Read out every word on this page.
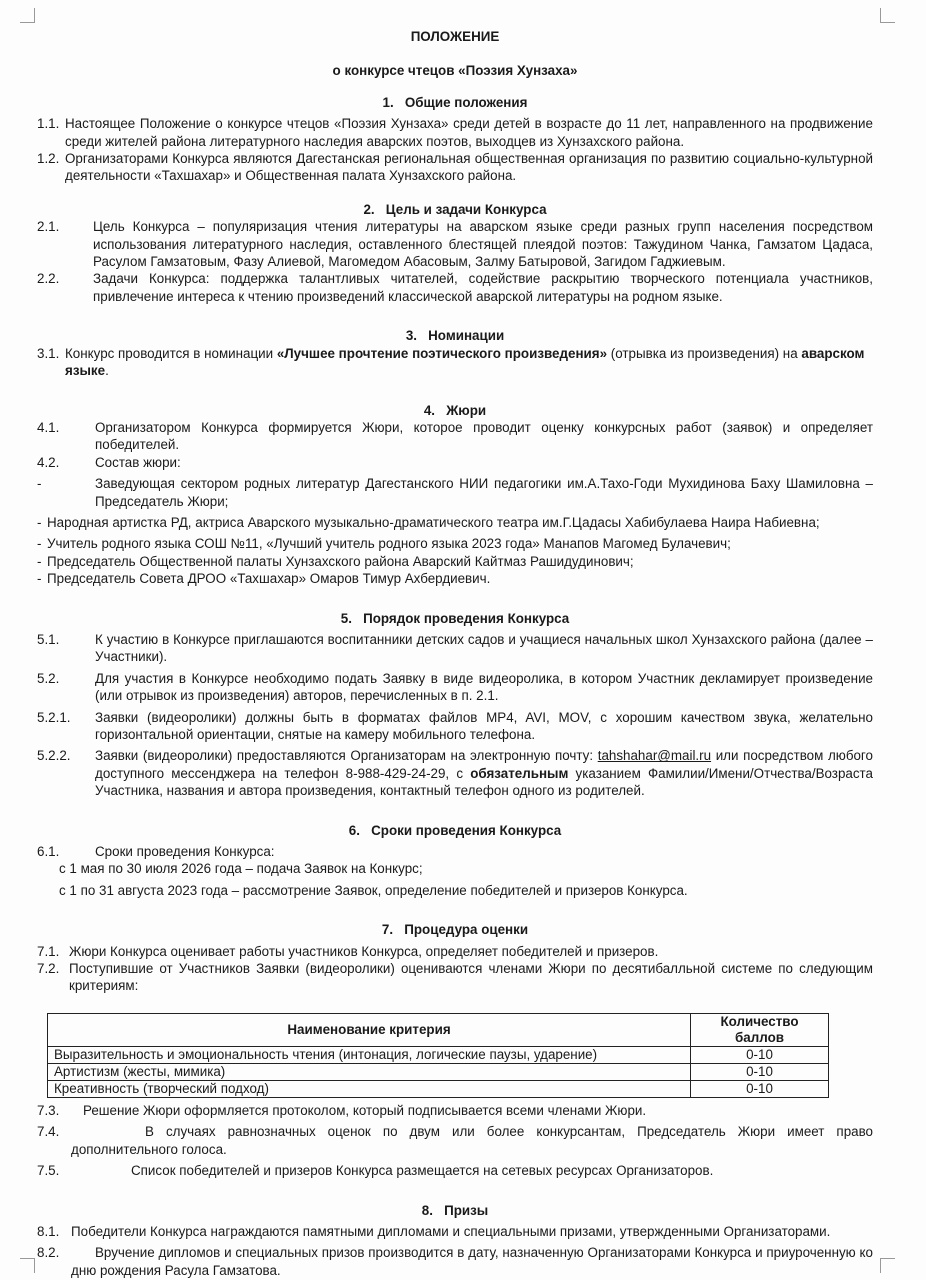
ПОЛОЖЕНИЕ
о конкурсе чтецов «Поэзия Хунзаха»
1.   Общие положения
1.1. Настоящее Положение о конкурсе чтецов «Поэзия Хунзаха» среди детей в возрасте до 11 лет, направленного на продвижение среди жителей района литературного наследия аварских поэтов, выходцев из Хунзахского района.
1.2. Организаторами Конкурса являются Дагестанская региональная общественная организация по развитию социально-культурной деятельности «Тахшахар» и Общественная палата Хунзахского района.
2.   Цель и задачи Конкурса
2.1.	Цель Конкурса – популяризация чтения литературы на аварском языке среди разных групп населения посредством использования литературного наследия, оставленного блестящей плеядой поэтов: Тажудином Чанка, Гамзатом Цадаса, Расулом Гамзатовым, Фазу Алиевой, Магомедом Абасовым, Залму Батыровой, Загидом Гаджиевым.
2.2.	Задачи Конкурса: поддержка талантливых читателей, содействие раскрытию творческого потенциала участников, привлечение интереса к чтению произведений классической аварской литературы на родном языке.
3.   Номинации
3.1. Конкурс проводится в номинации «Лучшее прочтение поэтического произведения» (отрывка из произведения) на аварском языке.
4.   Жюри
4.1.	Организатором Конкурса формируется Жюри, которое проводит оценку конкурсных работ (заявок) и определяет победителей.
4.2.	Состав жюри:
-	Заведующая сектором родных литератур Дагестанского НИИ педагогики им.А.Тахо-Годи Мухидинова Баху Шамиловна – Председатель Жюри;
- Народная артистка РД, актриса Аварского музыкально-драматического театра им.Г.Цадасы Хабибулаева Наира Набиевна;
- Учитель родного языка СОШ №11, «Лучший учитель родного языка 2023 года» Манапов Магомед Булачевич;
- Председатель Общественной палаты Хунзахского района Аварский Кайтмаз Рашидудинович;
- Председатель Совета ДРОО «Тахшахар» Омаров Тимур Ахбердиевич.
5.   Порядок проведения Конкурса
5.1.	К участию в Конкурсе приглашаются воспитанники детских садов и учащиеся начальных школ Хунзахского района (далее – Участники).
5.2.	Для участия в Конкурсе необходимо подать Заявку в виде видеоролика, в котором Участник декламирует произведение (или отрывок из произведения) авторов, перечисленных в п. 2.1.
5.2.1.	Заявки (видеоролики) должны быть в форматах файлов MP4, AVI, MOV, с хорошим качеством звука, желательно горизонтальной ориентации, снятые на камеру мобильного телефона.
5.2.2.	Заявки (видеоролики) предоставляются Организаторам на электронную почту: tahshahar@mail.ru или посредством любого доступного мессенджера на телефон 8-988-429-24-29, с обязательным указанием Фамилии/Имени/Отчества/Возраста Участника, названия и автора произведения, контактный телефон одного из родителей.
6.   Сроки проведения Конкурса
6.1.	Сроки проведения Конкурса:
с 1 мая по 30 июля 2026 года – подача Заявок на Конкурс;
с 1 по 31 августа 2023 года – рассмотрение Заявок, определение победителей и призеров Конкурса.
7.   Процедура оценки
7.1. Жюри Конкурса оценивает работы участников Конкурса, определяет победителей и призеров.
7.2. Поступившие от Участников Заявки (видеоролики) оцениваются членами Жюри по десятибалльной системе по следующим критериям:
Наименование критерия	Количество баллов
Выразительность и эмоциональность чтения (интонация, логические паузы, ударение)	0-10
Артистизм (жесты, мимика)	0-10
Креативность (творческий подход)	0-10
7.3.	Решение Жюри оформляется протоколом, который подписывается всеми членами Жюри.
7.4.	В случаях равнозначных оценок по двум или более конкурсантам, Председатель Жюри имеет право дополнительного голоса.
7.5.	Список победителей и призеров Конкурса размещается на сетевых ресурсах Организаторов.
8.   Призы
8.1. Победители Конкурса награждаются памятными дипломами и специальными призами, утвержденными Организаторами.
8.2.	Вручение дипломов и специальных призов производится в дату, назначенную Организаторами Конкурса и приуроченную ко дню рождения Расула Гамзатова.
